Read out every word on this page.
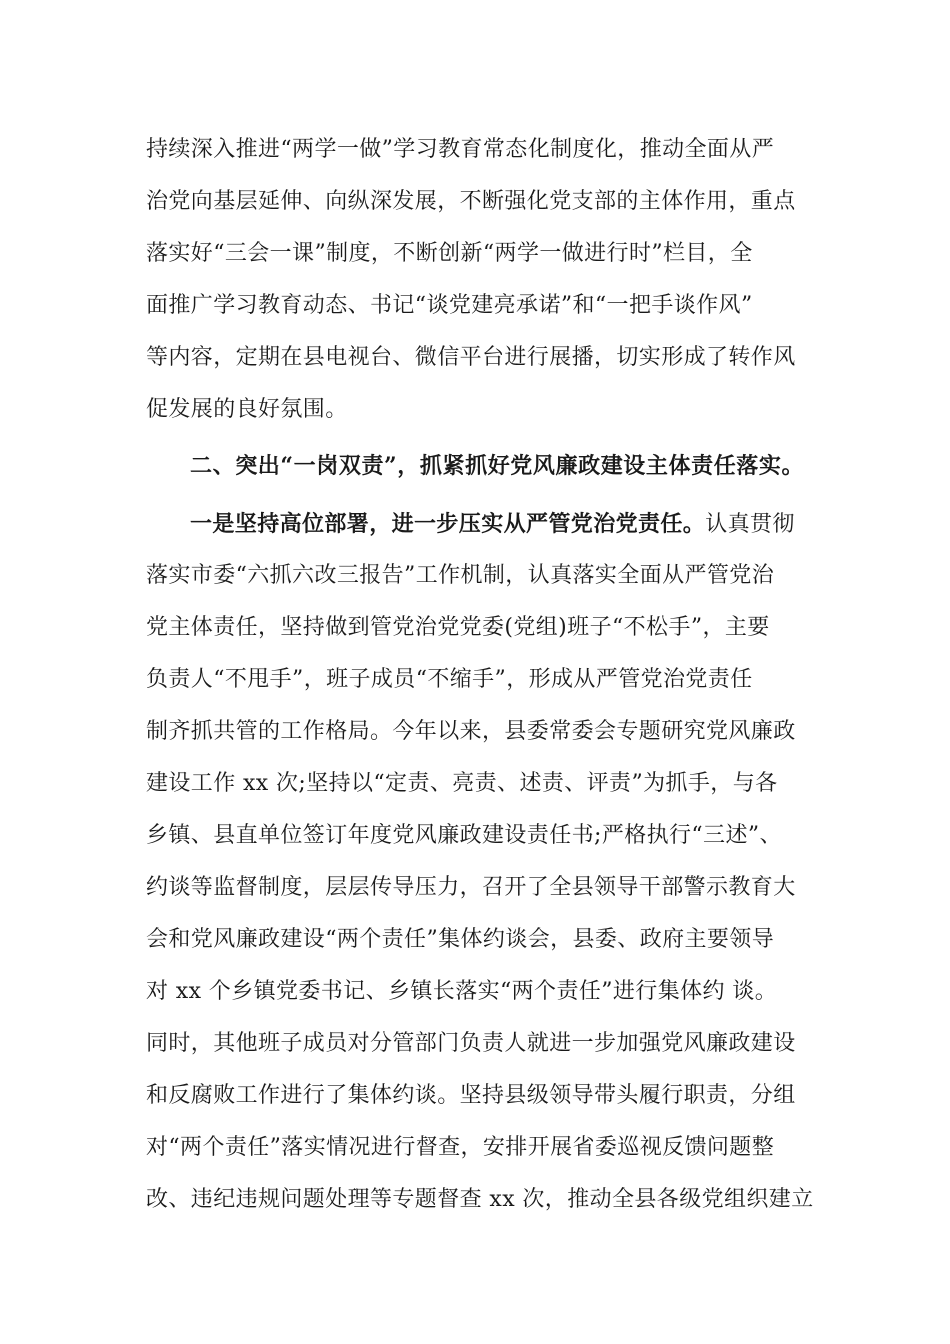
持续深入推进“两学一做”学习教育常态化制度化，推动全面从严
治党向基层延伸、向纵深发展，不断强化党支部的主体作用，重点
落实好“三会一课”制度，不断创新“两学一做进行时”栏目，全
面推广学习教育动态、书记“谈党建亮承诺”和“一把手谈作风”
等内容，定期在县电视台、微信平台进行展播，切实形成了转作风
促发展的良好氛围。
二、突出“一岗双责”，抓紧抓好党风廉政建设主体责任落实。
一是坚持高位部署，进一步压实从严管党治党责任。认真贯彻
落实市委“六抓六改三报告”工作机制，认真落实全面从严管党治
党主体责任，坚持做到管党治党党委(党组)班子“不松手”，主要
负责人“不甩手”，班子成员“不缩手”，形成从严管党治党责任
制齐抓共管的工作格局。今年以来，县委常委会专题研究党风廉政
建设工作 xx 次;坚持以“定责、亮责、述责、评责”为抓手，与各
乡镇、县直单位签订年度党风廉政建设责任书;严格执行“三述”、
约谈等监督制度，层层传导压力，召开了全县领导干部警示教育大
会和党风廉政建设“两个责任”集体约谈会，县委、政府主要领导
对 xx 个乡镇党委书记、乡镇长落实“两个责任”进行集体约 谈。
同时，其他班子成员对分管部门负责人就进一步加强党风廉政建设
和反腐败工作进行了集体约谈。坚持县级领导带头履行职责，分组
对“两个责任”落实情况进行督查，安排开展省委巡视反馈问题整
改、违纪违规问题处理等专题督查 xx 次，推动全县各级党组织建立
